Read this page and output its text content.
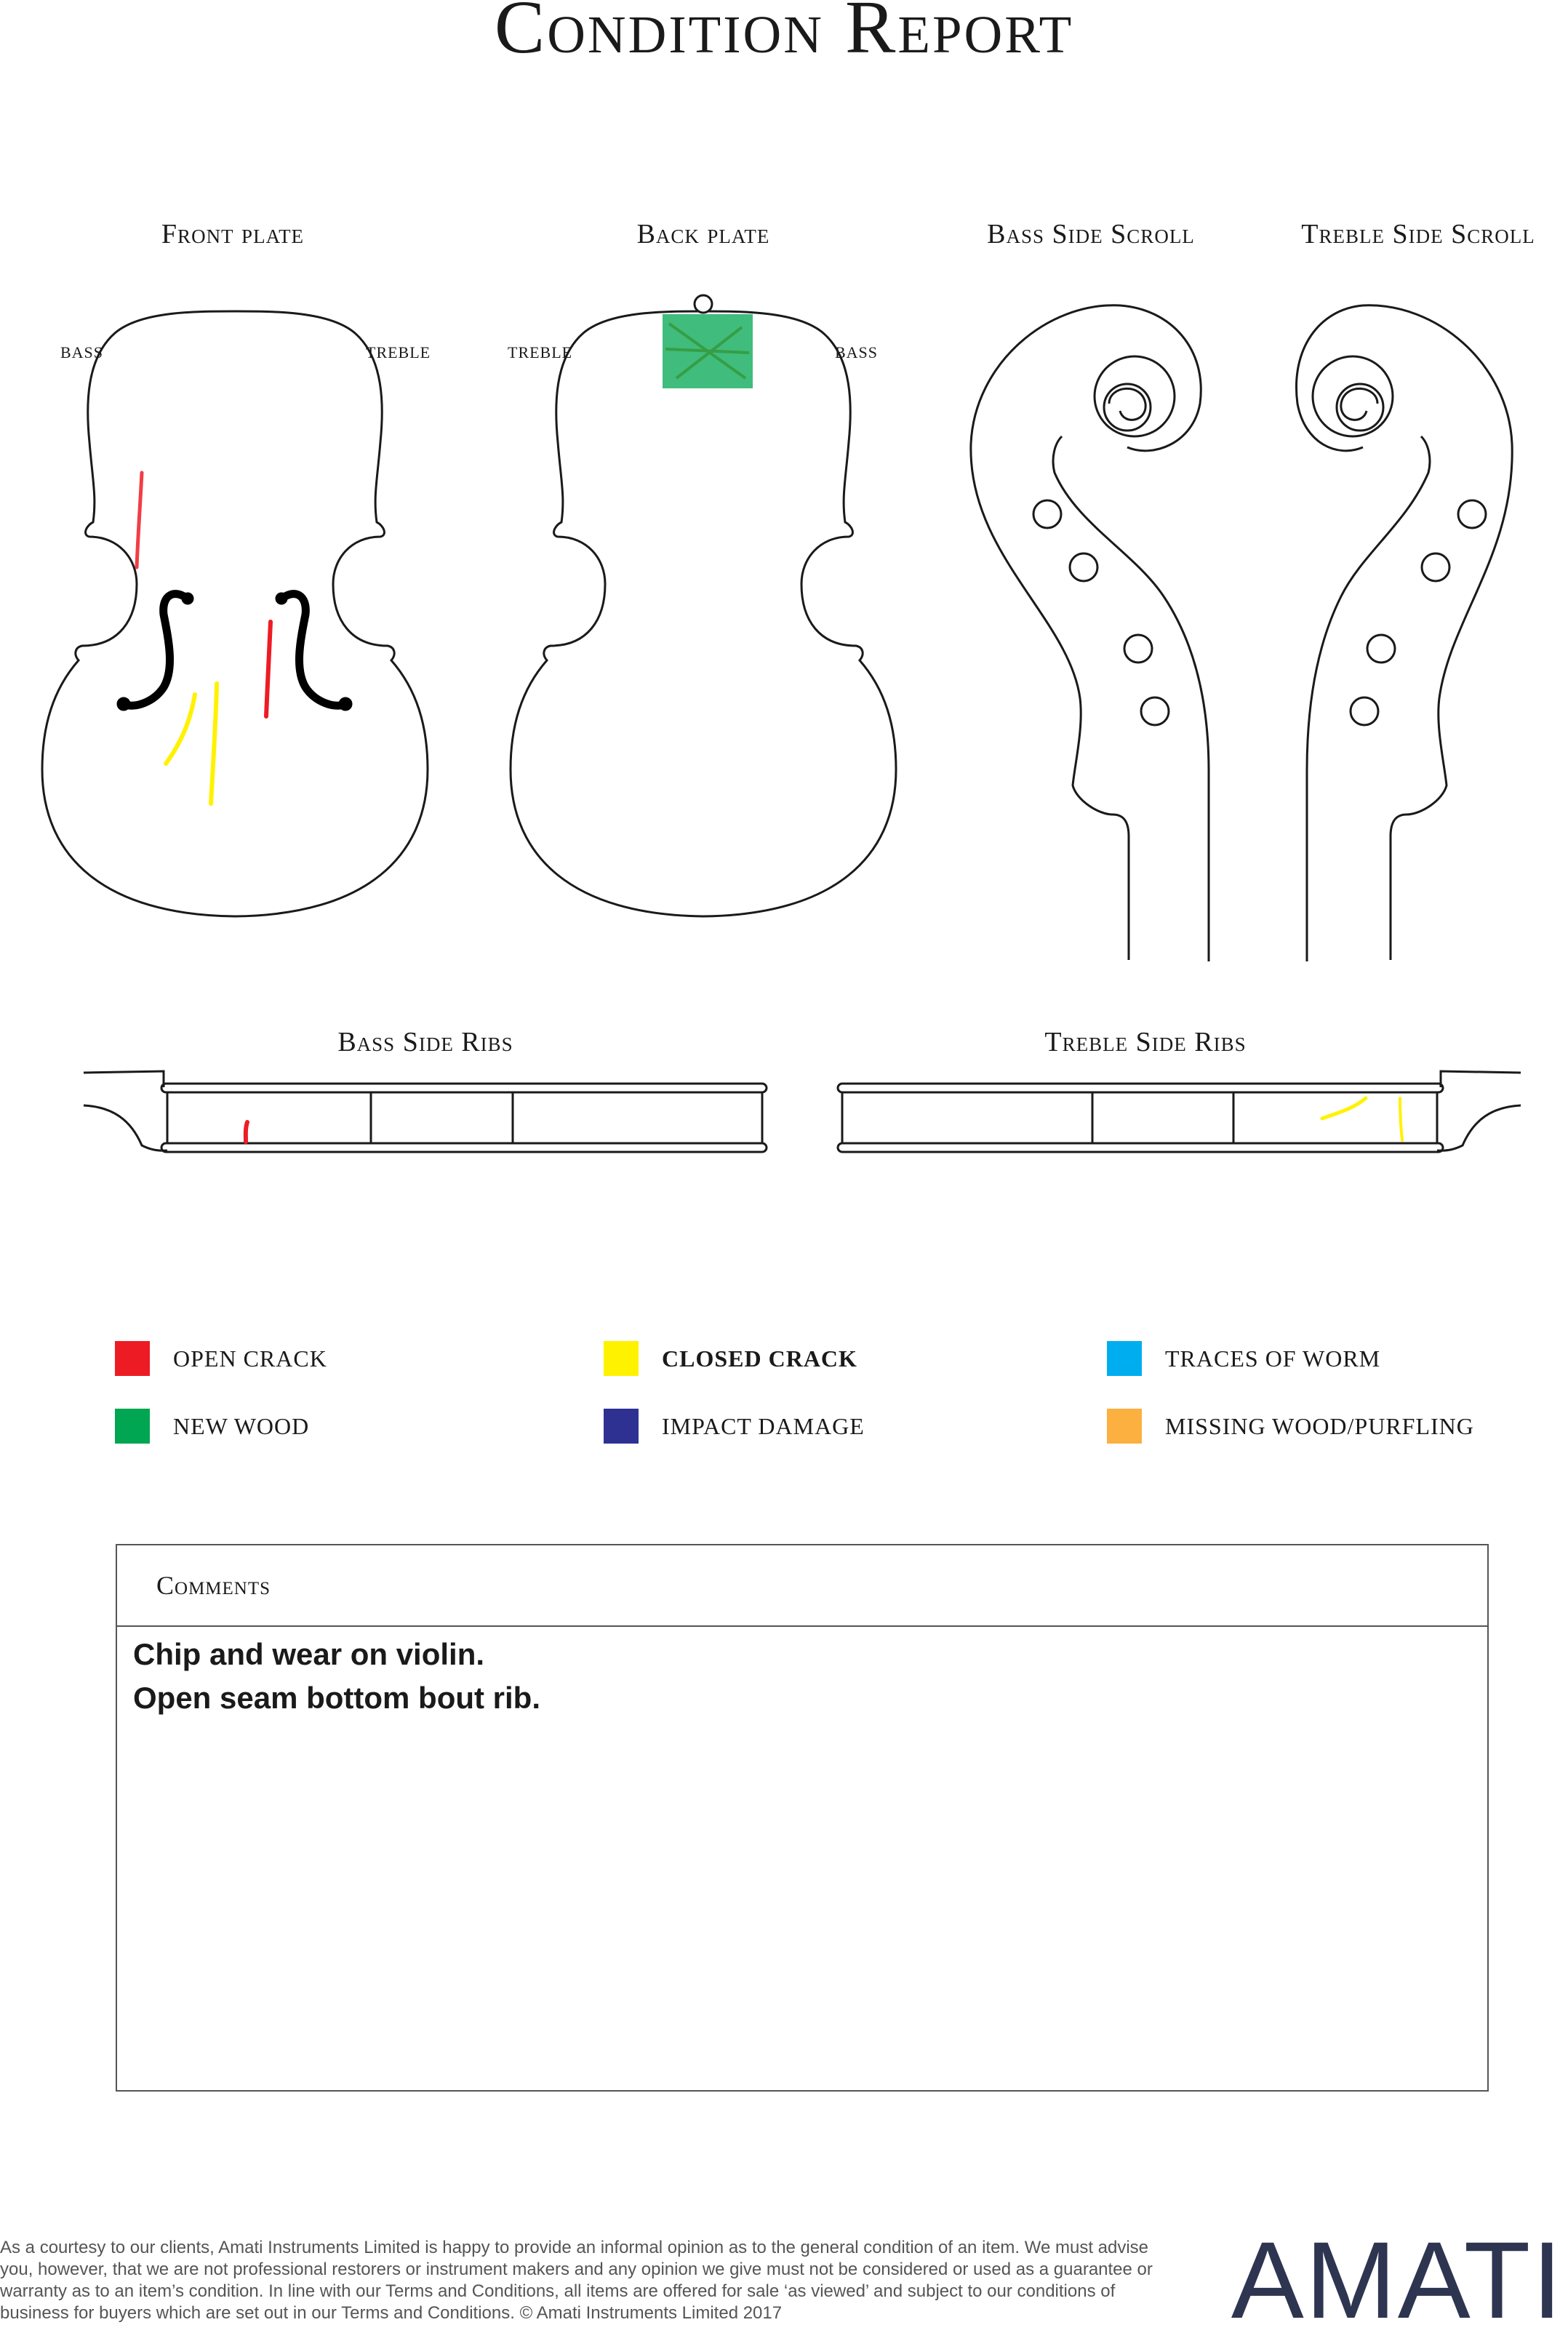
Condition Report
Front plate	Back plate	Bass Side Scroll	Treble Side Scroll
Bass Side Ribs	Treble Side Ribs
BASS	TREBLE	TREBLE	BASS
OPEN CRACK	CLOSED CRACK	TRACES OF WORM
NEW WOOD	IMPACT DAMAGE	MISSING WOOD/PURFLING
Comments
Chip and wear on violin.
Open seam bottom bout rib.
As a courtesy to our clients, Amati Instruments Limited is happy to provide an informal opinion as to the general condition of an item. We must advise you, however, that we are not professional restorers or instrument makers and any opinion we give must not be considered or used as a guarantee or warranty as to an item’s condition. In line with our Terms and Conditions, all items are offered for sale ‘as viewed’ and subject to our conditions of business for buyers which are set out in our Terms and Conditions. © Amati Instruments Limited 2017	AMATI
